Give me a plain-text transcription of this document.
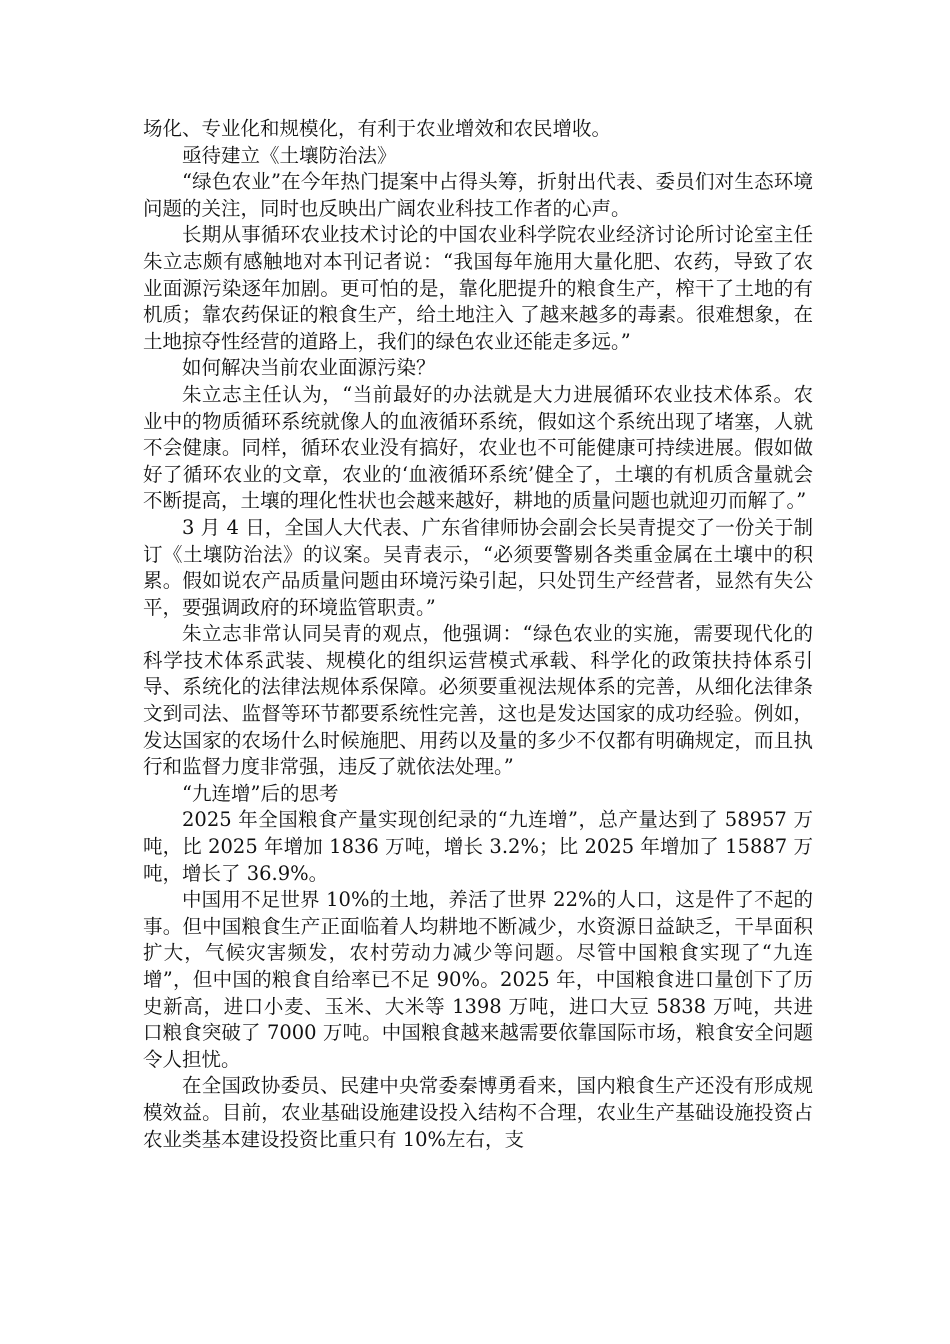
场化、专业化和规模化，有利于农业增效和农民增收。

亟待建立《土壤防治法》

“绿色农业”在今年热门提案中占得头筹，折射出代表、委员们对生态环境问题的关注，同时也反映出广阔农业科技工作者的心声。

长期从事循环农业技术讨论的中国农业科学院农业经济讨论所讨论室主任朱立志颇有感触地对本刊记者说：“我国每年施用大量化肥、农药，导致了农业面源污染逐年加剧。更可怕的是，靠化肥提升的粮食生产，榨干了土地的有机质；靠农药保证的粮食生产，给土地注入 了越来越多的毒素。很难想象，在土地掠夺性经营的道路上，我们的绿色农业还能走多远。”

如何解决当前农业面源污染？

朱立志主任认为，“当前最好的办法就是大力进展循环农业技术体系。农业中的物质循环系统就像人的血液循环系统，假如这个系统出现了堵塞，人就不会健康。同样，循环农业没有搞好，农业也不可能健康可持续进展。假如做好了循环农业的文章，农业的‘血液循环系统’健全了，土壤的有机质含量就会不断提高，土壤的理化性状也会越来越好，耕地的质量问题也就迎刃而解了。”

3 月 4 日，全国人大代表、广东省律师协会副会长吴青提交了一份关于制订《土壤防治法》的议案。吴青表示，“必须要警剔各类重金属在土壤中的积累。假如说农产品质量问题由环境污染引起，只处罚生产经营者，显然有失公平，要强调政府的环境监管职责。”

朱立志非常认同吴青的观点，他强调：“绿色农业的实施，需要现代化的科学技术体系武装、规模化的组织运营模式承载、科学化的政策扶持体系引导、系统化的法律法规体系保障。必须要重视法规体系的完善，从细化法律条文到司法、监督等环节都要系统性完善，这也是发达国家的成功经验。例如，发达国家的农场什么时候施肥、用药以及量的多少不仅都有明确规定，而且执行和监督力度非常强，违反了就依法处理。”

“九连增”后的思考

2025 年全国粮食产量实现创纪录的“九连增”，总产量达到了 58957 万吨，比 2025 年增加 1836 万吨，增长 3.2%；比 2025 年增加了 15887 万吨，增长了 36.9%。

中国用不足世界 10%的土地，养活了世界 22%的人口，这是件了不起的事。但中国粮食生产正面临着人均耕地不断减少，水资源日益缺乏，干旱面积扩大，气候灾害频发，农村劳动力减少等问题。尽管中国粮食实现了“九连增”，但中国的粮食自给率已不足 90%。2025 年，中国粮食进口量创下了历史新高，进口小麦、玉米、大米等 1398 万吨，进口大豆 5838 万吨，共进口粮食突破了 7000 万吨。中国粮食越来越需要依靠国际市场，粮食安全问题令人担忧。

在全国政协委员、民建中央常委秦博勇看来，国内粮食生产还没有形成规模效益。目前，农业基础设施建设投入结构不合理，农业生产基础设施投资占农业类基本建设投资比重只有 10%左右，支
